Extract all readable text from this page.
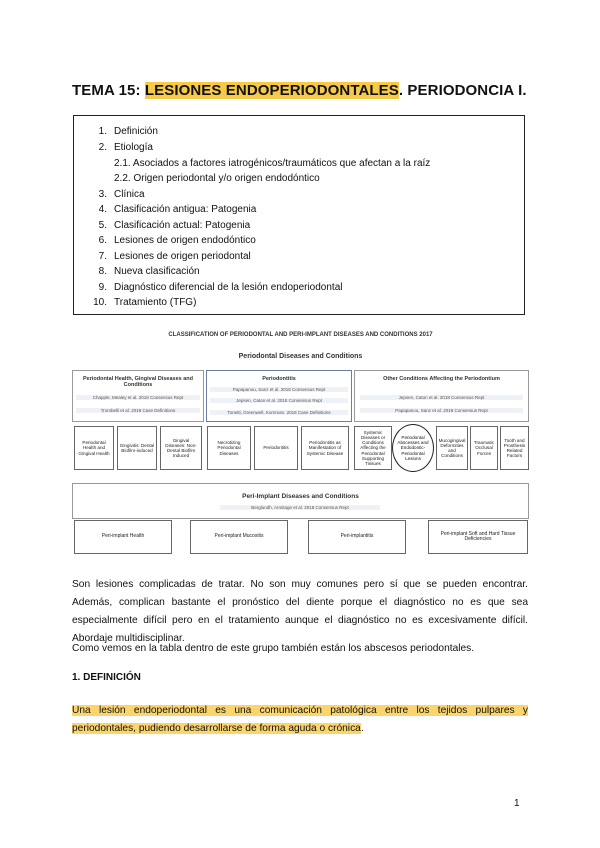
TEMA 15: LESIONES ENDOPERIODONTALES. PERIODONCIA I.
1. Definición
2. Etiología
2.1. Asociados a factores iatrogénicos/traumáticos que afectan a la raíz
2.2. Origen periodontal y/o origen endodóntico
3. Clínica
4. Clasificación antigua: Patogenia
5. Clasificación actual: Patogenia
6. Lesiones de origen endodóntico
7. Lesiones de origen periodontal
8. Nueva clasificación
9. Diagnóstico diferencial de la lesión endoperiodontal
10. Tratamiento (TFG)
CLASSIFICATION OF PERIODONTAL AND PERI-IMPLANT DISEASES AND CONDITIONS 2017
Periodontal Diseases and Conditions
Periodontal Health, Gingival Diseases and Conditions
Chapple, Mealey et al. 2018 Consensus Rept
Trombelli et al. 2018 Case Definitions
Periodontitis
Papapanou, Sanz et al. 2018 Consensus Rept
Jepsen, Caton et al. 2018 Consensus Rept
Tonetti, Greenwell, Kornman. 2018 Case Definitions
Other Conditions Affecting the Periodontium
Jepsen, Caton et al. 2018 Consensus Rept
Papapanou, Sanz et al. 2018 Consensus Rept
Periodontal Health and Gingival Health
Gingivitis: Dental Biofilm-induced
Gingival Diseases: Non-Dental Biofilm Induced
Necrotizing Periodontal Diseases
Periodontitis
Periodontitis as Manifestation of Systemic Disease
Systemic Diseases or Conditions Affecting the Periodontal Supporting Tissues
Periodontal Abscesses and Endodontic-Periodontal Lesions
Mucogingival Deformities and Conditions
Traumatic Occlusal Forces
Tooth and Prosthesis Related Factors
Peri-Implant Diseases and Conditions
Berglundh, Armitage et al. 2018 Consensus Rept
Peri-implant Health	Peri-implant Mucositis	Peri-implantitis	Peri-implant Soft and Hard Tissue Deficiencies
Son lesiones complicadas de tratar. No son muy comunes pero sí que se pueden encontrar. Además, complican bastante el pronóstico del diente porque el diagnóstico no es que sea especialmente difícil pero en el tratamiento aunque el diagnóstico no es excesivamente difícil. Abordaje multidisciplinar.
Como vemos en la tabla dentro de este grupo también están los abscesos periodontales.
1. DEFINICIÓN
Una lesión endoperiodontal es una comunicación patológica entre los tejidos pulpares y
periodontales, pudiendo desarrollarse de forma aguda o crónica.
1
